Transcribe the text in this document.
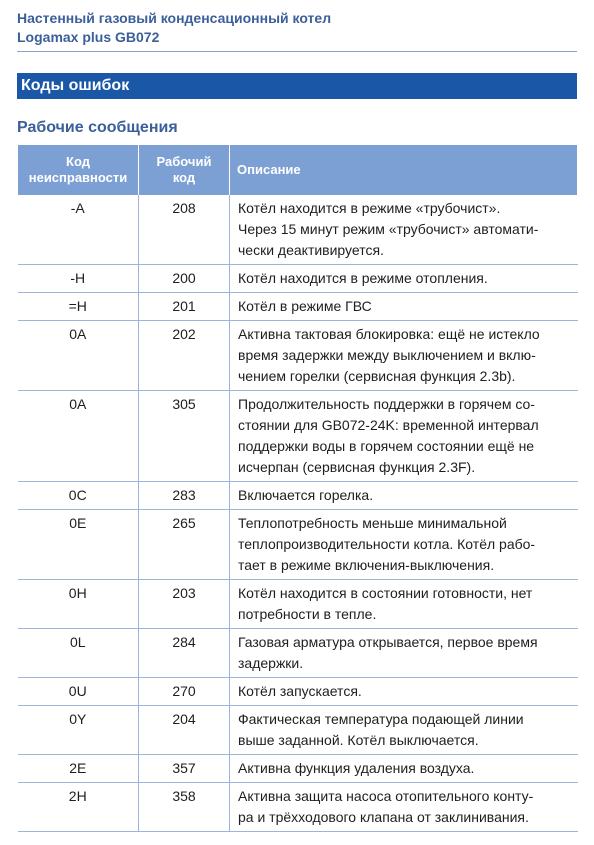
Настенный газовый конденсационный котел
Logamax plus GB072
Коды ошибок
Рабочие сообщения
Код неисправности	Рабочий код	Описание
-A	208	Котёл находится в режиме «трубочист».
Через 15 минут режим «трубочист» автомати-
чески деактивируется.

-H	200	Котёл находится в режиме отопления.

=H	201	Котёл в режиме ГВС

0A	202	Активна тактовая блокировка: ещё не истекло
время задержки между выключением и вклю-
чением горелки (сервисная функция 2.3b).

0A	305	Продолжительность поддержки в горячем со-
стоянии для GB072-24K: временной интервал
поддержки воды в горячем состоянии ещё не
исчерпан (сервисная функция 2.3F).

0C	283	Включается горелка.

0E	265	Теплопотребность меньше минимальной
теплопроизводительности котла. Котёл рабо-
тает в режиме включения-выключения.

0H	203	Котёл находится в состоянии готовности, нет
потребности в тепле.

0L	284	Газовая арматура открывается, первое время
задержки.

0U	270	Котёл запускается.

0Y	204	Фактическая температура подающей линии
выше заданной. Котёл выключается.

2E	357	Активна функция удаления воздуха.

2H	358	Активна защита насоса отопительного конту-
ра и трёхходового клапана от заклинивания.
